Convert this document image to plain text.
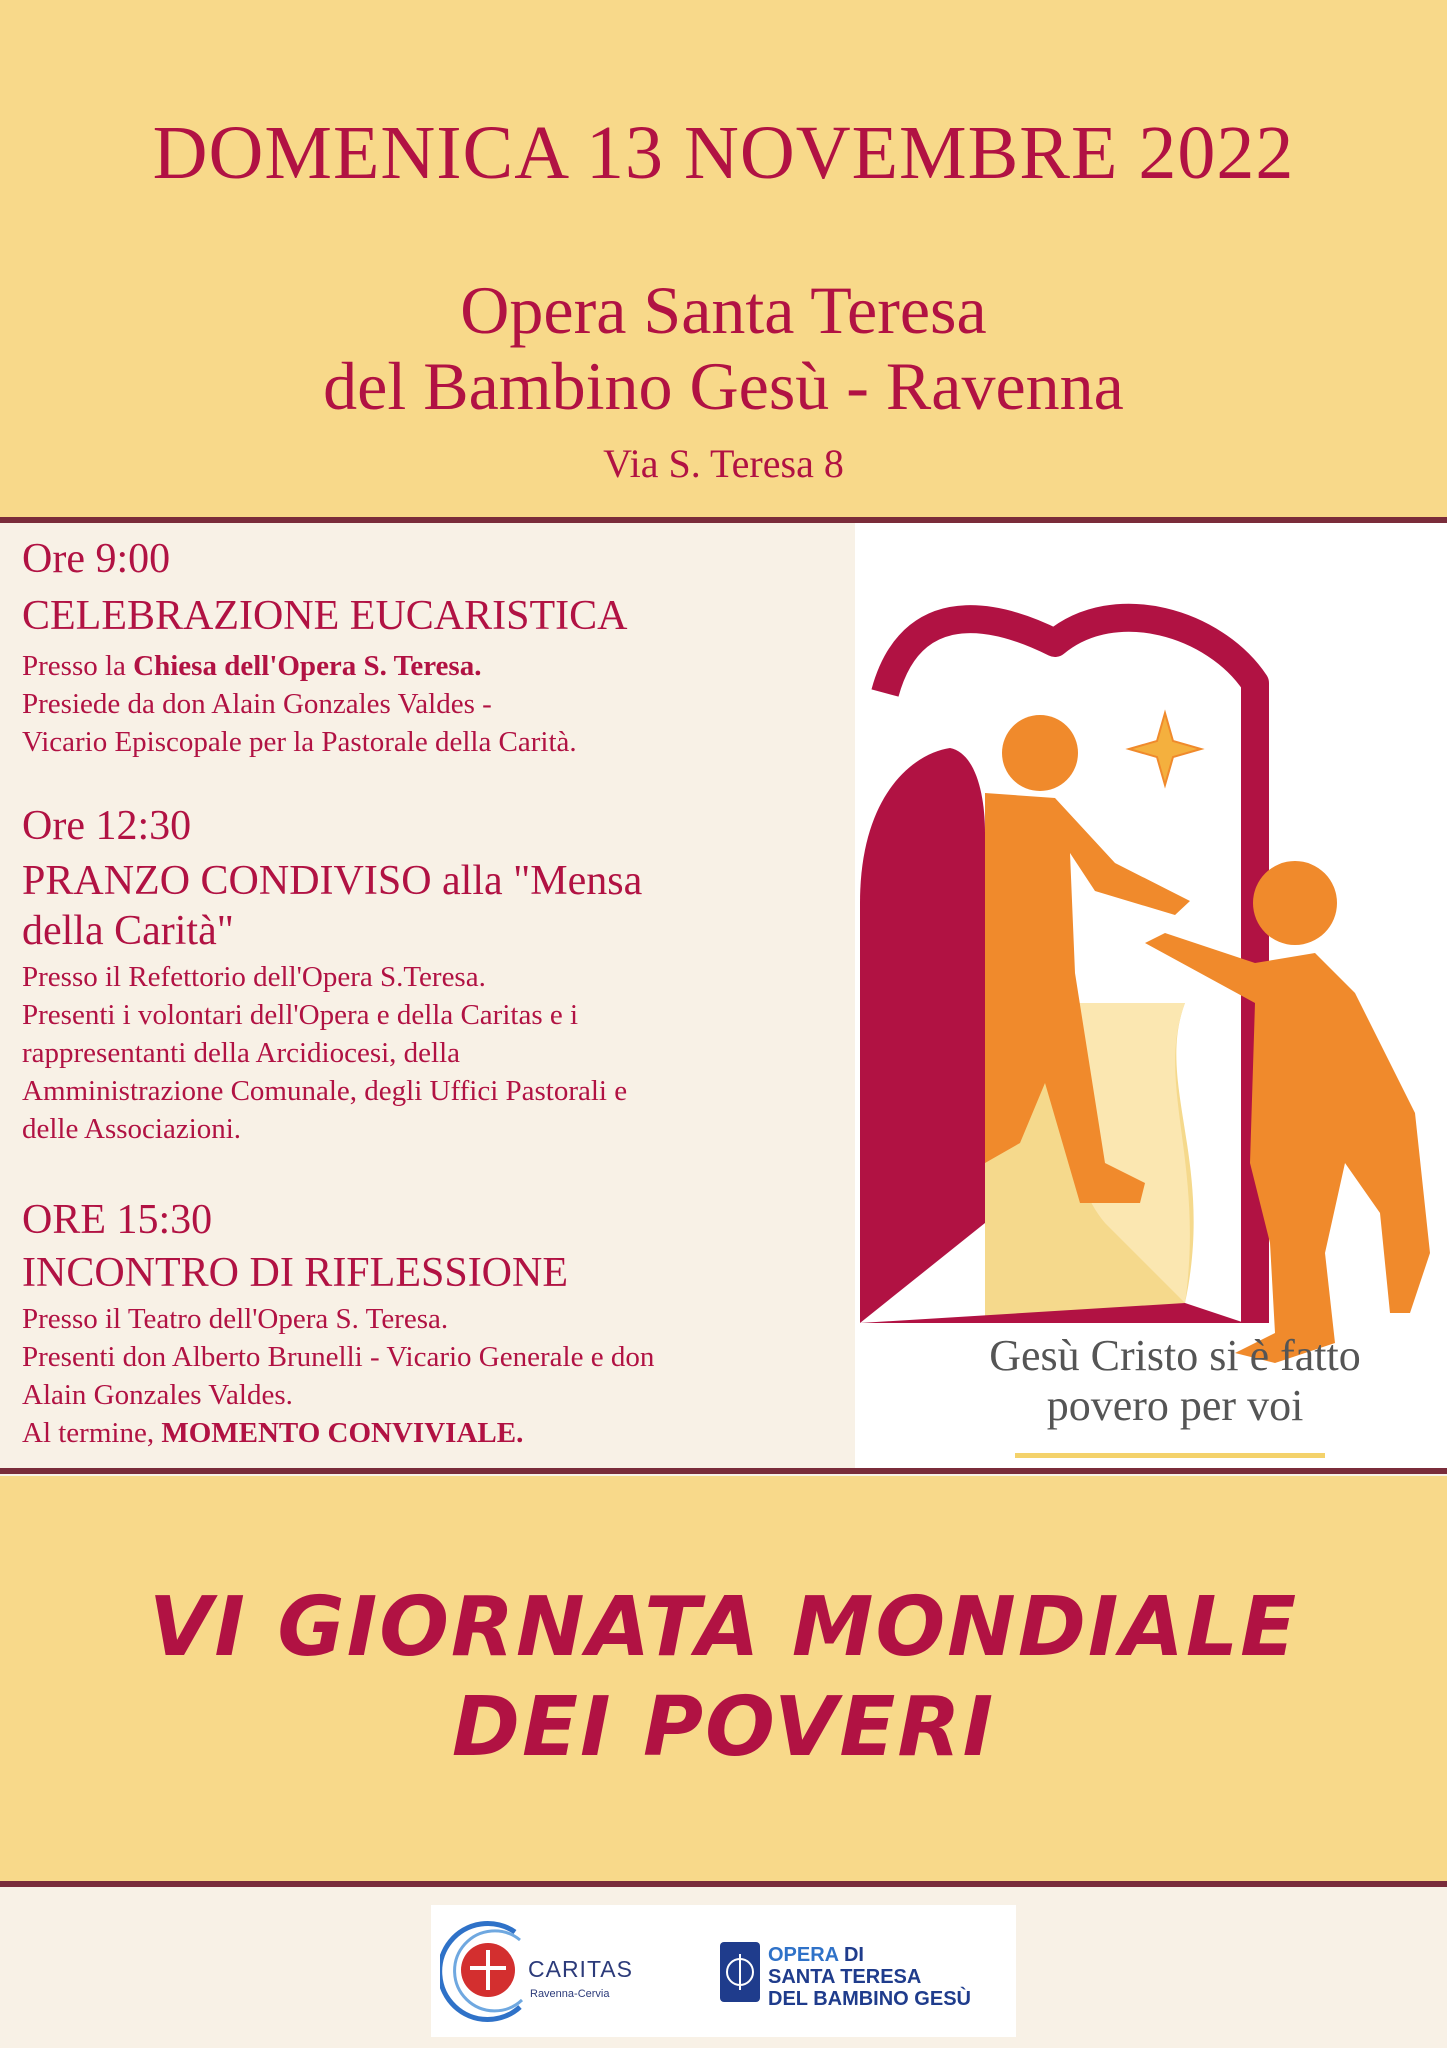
DOMENICA 13 NOVEMBRE 2022
Opera Santa Teresa
del Bambino Gesù - Ravenna
Via S. Teresa 8
Ore 9:00
CELEBRAZIONE EUCARISTICA
Presso la Chiesa dell'Opera S. Teresa.
Presiede da don Alain Gonzales Valdes -
Vicario Episcopale per la Pastorale della Carità.
Ore 12:30
PRANZO CONDIVISO alla "Mensa
della Carità"
Presso il Refettorio dell'Opera S.Teresa.
Presenti i volontari dell'Opera e della Caritas e i
rappresentanti della Arcidiocesi, della
Amministrazione Comunale, degli Uffici Pastorali e
delle Associazioni.
ORE 15:30
INCONTRO DI RIFLESSIONE
Presso il Teatro dell'Opera S. Teresa.
Presenti don Alberto Brunelli - Vicario Generale e don
Alain Gonzales Valdes.
Al termine, MOMENTO CONVIVIALE.
Gesù Cristo si è fatto
povero per voi
VI GIORNATA MONDIALE
DEI POVERI
CARITAS
Ravenna-Cervia
OPERA DI
SANTA TERESA
DEL BAMBINO GESÙ
